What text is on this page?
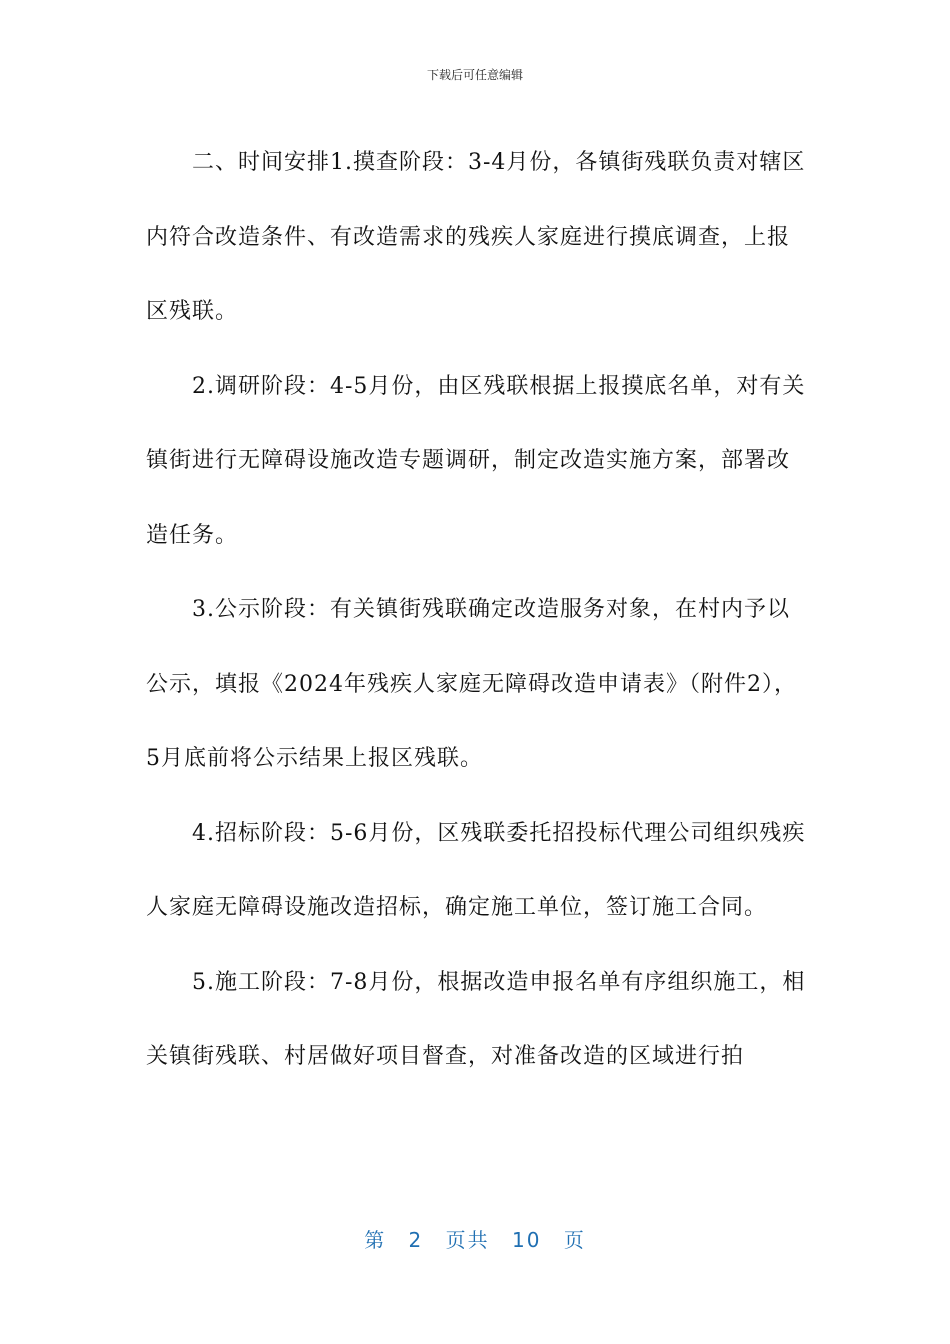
下载后可任意编辑

二、时间安排1.摸查阶段：3-4月份，各镇街残联负责对辖区内符合改造条件、有改造需求的残疾人家庭进行摸底调查，上报区残联。

2.调研阶段：4-5月份，由区残联根据上报摸底名单，对有关镇街进行无障碍设施改造专题调研，制定改造实施方案，部署改造任务。

3.公示阶段：有关镇街残联确定改造服务对象，在村内予以公示，填报《2024年残疾人家庭无障碍改造申请表》（附件2），5月底前将公示结果上报区残联。

4.招标阶段：5-6月份，区残联委托招投标代理公司组织残疾人家庭无障碍设施改造招标，确定施工单位，签订施工合同。

5.施工阶段：7-8月份，根据改造申报名单有序组织施工，相关镇街残联、村居做好项目督查，对准备改造的区域进行拍

第 2 页共 10 页
